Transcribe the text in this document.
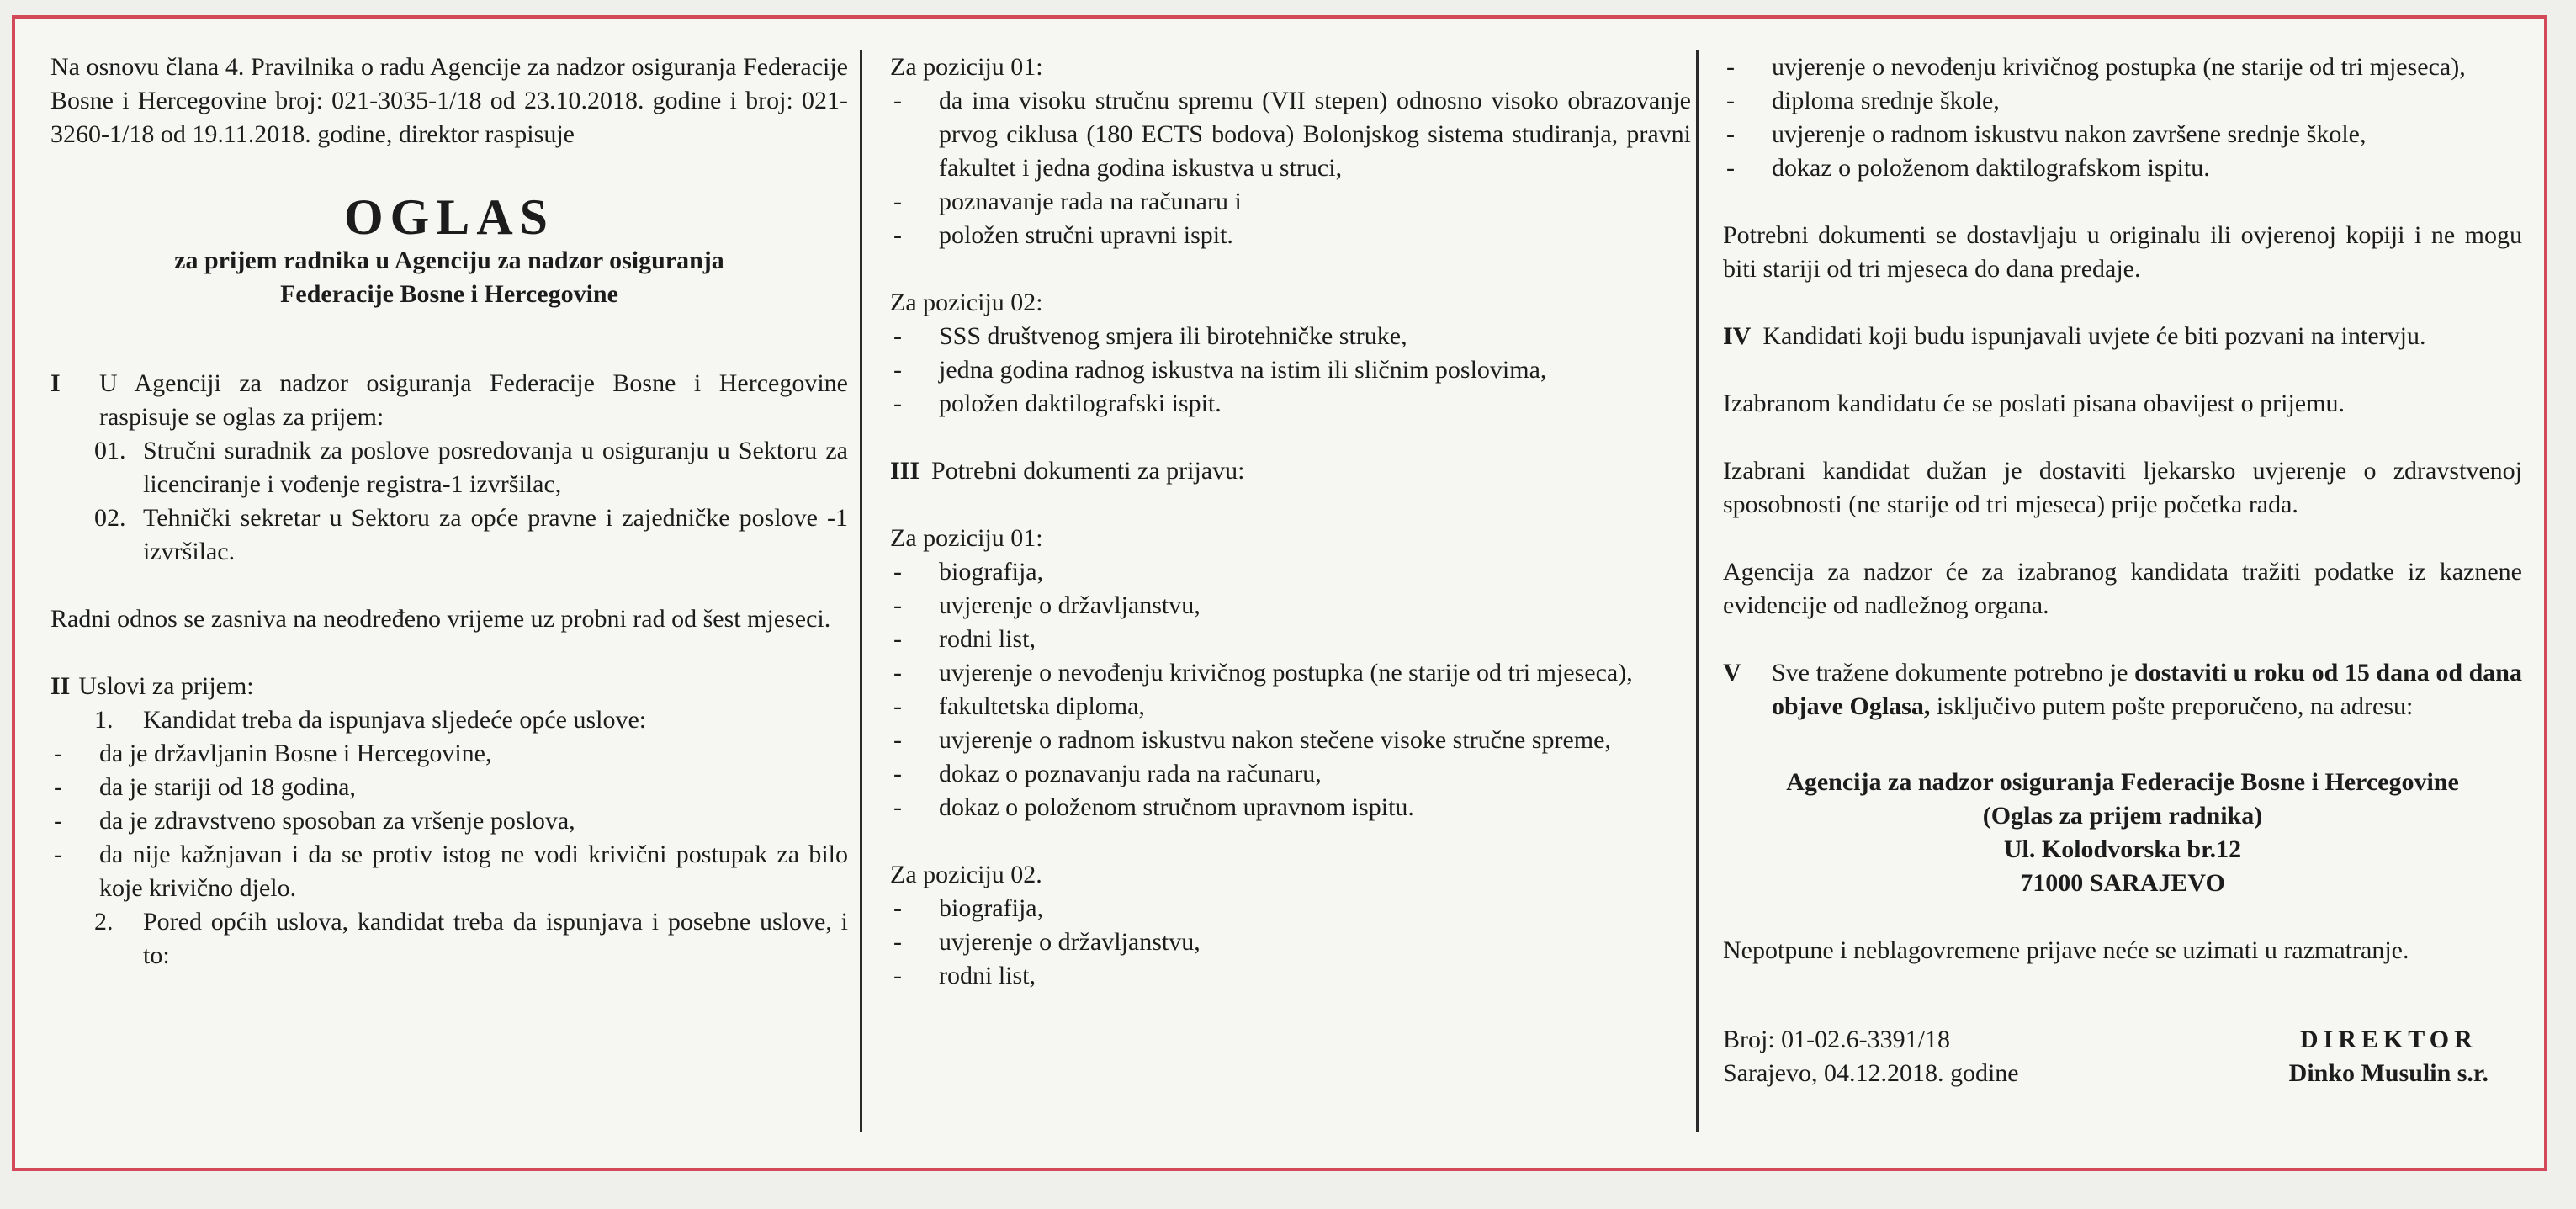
Na osnovu člana 4. Pravilnika o radu Agencije za nadzor osiguranja Federacije Bosne i Hercegovine broj: 021-3035-1/18 od 23.10.2018. godine i broj: 021-3260-1/18 od 19.11.2018. godine, direktor raspisuje

OGLAS

za prijem radnika u Agenciju za nadzor osiguranja

Federacije Bosne i Hercegovine

I	U Agenciji za nadzor osiguranja Federacije Bosne i Hercegovine raspisuje se oglas za prijem:
01. Stručni suradnik za poslove posredovanja u osiguranju u Sektoru za licenciranje i vođenje registra-1 izvršilac,
02. Tehnički sekretar u Sektoru za opće pravne i zajedničke poslove -1 izvršilac.

Radni odnos se zasniva na neodređeno vrijeme uz probni rad od šest mjeseci.

II Uslovi za prijem:
1.	Kandidat treba da ispunjava sljedeće opće uslove:
- da je državljanin Bosne i Hercegovine,
- da je stariji od 18 godina,
- da je zdravstveno sposoban za vršenje poslova,
- da nije kažnjavan i da se protiv istog ne vodi krivični postupak za bilo koje krivično djelo.
2.	Pored općih uslova, kandidat treba da ispunjava i posebne uslove, i to:

Za poziciju 01:

- da ima visoku stručnu spremu (VII stepen) odnosno visoko obrazovanje prvog ciklusa (180 ECTS bodova) Bolonjskog sistema studiranja, pravni fakultet i jedna godina iskustva u struci,
- poznavanje rada na računaru i
- položen stručni upravni ispit.

Za poziciju 02:

- SSS društvenog smjera ili birotehničke struke,
- jedna godina radnog iskustva na istim ili sličnim poslovima,
- položen daktilografski ispit.
III Potrebni dokumenti za prijavu:

Za poziciju 01:

- biografija,
- uvjerenje o državljanstvu,
- rodni list,
- uvjerenje o nevođenju krivičnog postupka (ne starije od tri mjeseca),
- fakultetska diploma,
- uvjerenje o radnom iskustvu nakon stečene visoke stručne spreme,
- dokaz o poznavanju rada na računaru,
- dokaz o položenom stručnom upravnom ispitu.

Za poziciju 02.

- biografija,
- uvjerenje o državljanstvu,
- rodni list,
- uvjerenje o nevođenju krivičnog postupka (ne starije od tri mjeseca),
- diploma srednje škole,
- uvjerenje o radnom iskustvu nakon završene srednje škole,
- dokaz o položenom daktilografskom ispitu.

Potrebni dokumenti se dostavljaju u originalu ili ovjerenoj kopiji i ne mogu biti stariji od tri mjeseca do dana predaje.

IV Kandidati koji budu ispunjavali uvjete će biti pozvani na intervju.

Izabranom kandidatu će se poslati pisana obavijest o prijemu.

Izabrani kandidat dužan je dostaviti ljekarsko uvjerenje o zdravstvenoj sposobnosti (ne starije od tri mjeseca) prije početka rada.

Agencija za nadzor će za izabranog kandidata tražiti podatke iz kaznene evidencije od nadležnog organa.

V	Sve tražene dokumente potrebno je dostaviti u roku od 15 dana od dana objave Oglasa, isključivo putem pošte preporučeno, na adresu:

Agencija za nadzor osiguranja Federacije Bosne i Hercegovine

(Oglas za prijem radnika)

Ul. Kolodvorska br.12

71000 SARAJEVO

Nepotpune i neblagovremene prijave neće se uzimati u razmatranje.

Broj: 01-02.6-3391/18

Sarajevo, 04.12.2018. godine

DIREKTOR

Dinko Musulin s.r.
